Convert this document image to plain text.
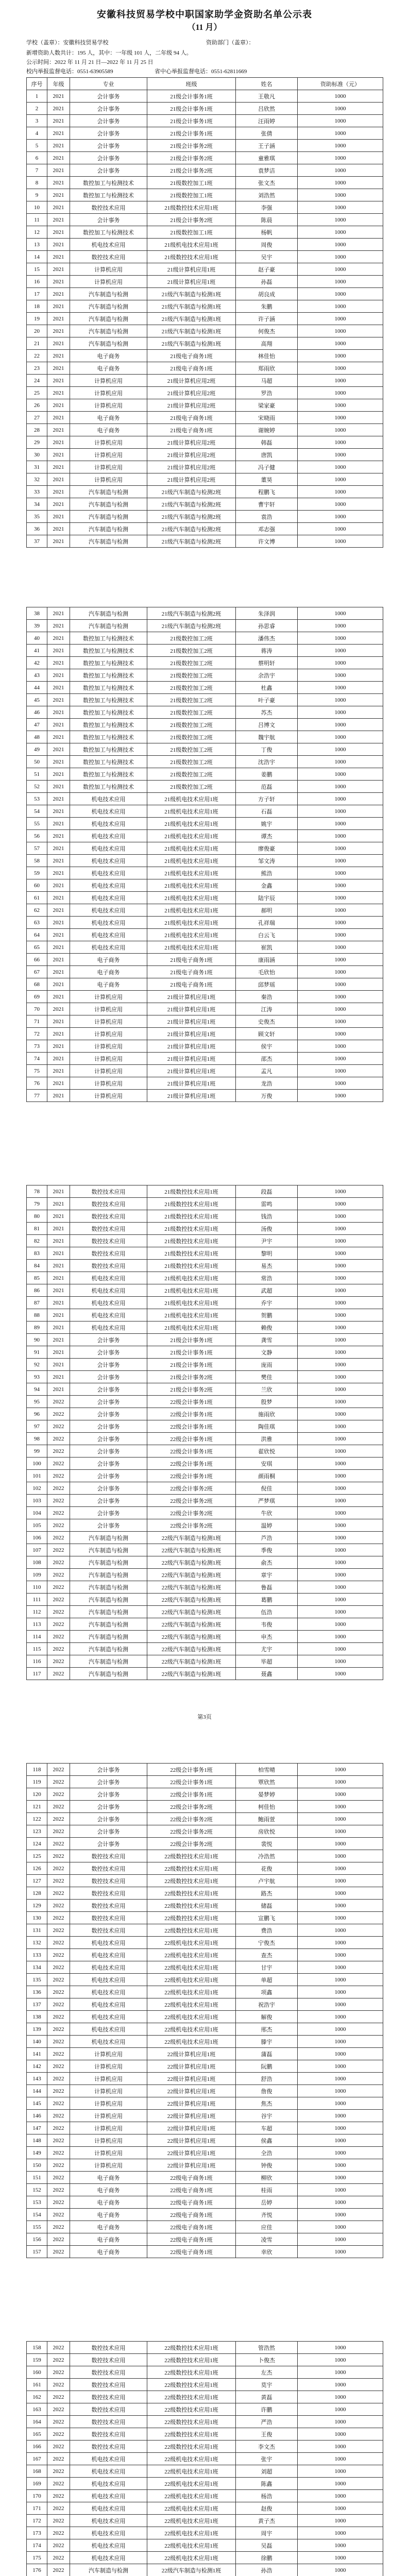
安徽科技贸易学校中职国家助学金资助名单公示表
（11 月）
学校（盖章）：安徽科技贸易学校	资助部门（盖章）：
新增资助人数共计：195 人，其中：一年级 101 人，二年级 94 人。
公示时间：2022 年 11 月 21 日—2022 年 11 月 25 日
校内举报监督电话：0551-63905589	省中心举报监督电话：0551-62811669
序号	年级	专业	班级	姓名	资助标准（元）
1	2021	会计事务	21级会计事务1班	王敬凡	1000
2	2021	会计事务	21级会计事务1班	吕欣然	1000
3	2021	会计事务	21级会计事务1班	汪雨婷	1000
4	2021	会计事务	21级会计事务1班	张倩	1000
5	2021	会计事务	21级会计事务2班	王子涵	1000
6	2021	会计事务	21级会计事务2班	童雅琪	1000
7	2021	会计事务	21级会计事务2班	袁梦洁	1000
8	2021	数控加工与检测技术	21级数控加工1班	张文杰	1000
9	2021	数控加工与检测技术	21级数控加工1班	刘浩然	1000
10	2021	数控技术应用	21级数控技术应用1班	李强	1000
11	2021	会计事务	21级会计事务2班	陈晨	1000
12	2021	数控加工与检测技术	21级数控加工1班	杨帆	1000
13	2021	机电技术应用	21级机电技术应用1班	周俊	1000
14	2021	数控技术应用	21级数控技术应用1班	吴宇	1000
15	2021	计算机应用	21级计算机应用1班	赵子豪	1000
16	2021	计算机应用	21级计算机应用1班	孙磊	1000
17	2021	汽车制造与检测	21级汽车制造与检测1班	胡良成	1000
18	2021	汽车制造与检测	21级汽车制造与检测1班	朱鹏	1000
19	2021	汽车制造与检测	21级汽车制造与检测1班	许子涵	1000
20	2021	汽车制造与检测	21级汽车制造与检测1班	何俊杰	1000
21	2021	汽车制造与检测	21级汽车制造与检测1班	高翔	1000
22	2021	电子商务	21级电子商务1班	林佳怡	1000
23	2021	电子商务	21级电子商务1班	郑雨欣	1000
24	2021	计算机应用	21级计算机应用2班	马超	1000
25	2021	计算机应用	21级计算机应用2班	罗浩	1000
26	2021	计算机应用	21级计算机应用2班	梁家豪	1000
27	2021	电子商务	21级电子商务1班	宋晓雨	1000
28	2021	电子商务	21级电子商务1班	谢婉婷	1000
29	2021	计算机应用	21级计算机应用2班	韩磊	1000
30	2021	计算机应用	21级计算机应用2班	唐凯	1000
31	2021	计算机应用	21级计算机应用2班	冯子健	1000
32	2021	计算机应用	21级计算机应用2班	董昊	1000
33	2021	汽车制造与检测	21级汽车制造与检测2班	程鹏飞	1000
34	2021	汽车制造与检测	21级汽车制造与检测2班	曹宇轩	1000
35	2021	汽车制造与检测	21级汽车制造与检测2班	袁浩	1000
36	2021	汽车制造与检测	21级汽车制造与检测2班	邓志强	1000
37	2021	汽车制造与检测	21级汽车制造与检测2班	许文博	1000
38	2021	汽车制造与检测	21级汽车制造与检测2班	朱泽润	1000
39	2021	汽车制造与检测	21级汽车制造与检测2班	孙思睿	1000
40	2021	数控加工与检测技术	21级数控加工2班	潘伟杰	1000
41	2021	数控加工与检测技术	21级数控加工2班	蒋涛	1000
42	2021	数控加工与检测技术	21级数控加工2班	蔡明轩	1000
43	2021	数控加工与检测技术	21级数控加工2班	余浩宇	1000
44	2021	数控加工与检测技术	21级数控加工2班	杜鑫	1000
45	2021	数控加工与检测技术	21级数控加工2班	叶子豪	1000
46	2021	数控加工与检测技术	21级数控加工2班	苏杰	1000
47	2021	数控加工与检测技术	21级数控加工2班	吕博文	1000
48	2021	数控加工与检测技术	21级数控加工2班	魏宇航	1000
49	2021	数控加工与检测技术	21级数控加工2班	丁俊	1000
50	2021	数控加工与检测技术	21级数控加工2班	沈浩宇	1000
51	2021	数控加工与检测技术	21级数控加工2班	姜鹏	1000
52	2021	数控加工与检测技术	21级数控加工2班	范磊	1000
53	2021	机电技术应用	21级机电技术应用1班	方子轩	1000
54	2021	机电技术应用	21级机电技术应用1班	石磊	1000
55	2021	机电技术应用	21级机电技术应用1班	姚宇	1000
56	2021	机电技术应用	21级机电技术应用1班	谭杰	1000
57	2021	机电技术应用	21级机电技术应用1班	廖俊豪	1000
58	2021	机电技术应用	21级机电技术应用1班	邹文涛	1000
59	2021	机电技术应用	21级机电技术应用1班	熊浩	1000
60	2021	机电技术应用	21级机电技术应用1班	金鑫	1000
61	2021	机电技术应用	21级机电技术应用1班	陆宇辰	1000
62	2021	机电技术应用	21级机电技术应用1班	郝明	1000
63	2021	机电技术应用	21级机电技术应用1班	孔祥瑞	1000
64	2021	机电技术应用	21级机电技术应用1班	白云飞	1000
65	2021	机电技术应用	21级机电技术应用1班	崔凯	1000
66	2021	电子商务	21级电子商务1班	康雨涵	1000
67	2021	电子商务	21级电子商务1班	毛欣怡	1000
68	2021	电子商务	21级电子商务1班	邱梦瑶	1000
69	2021	计算机应用	21级计算机应用1班	秦浩	1000
70	2021	计算机应用	21级计算机应用1班	江涛	1000
71	2021	计算机应用	21级计算机应用1班	史俊杰	1000
72	2021	计算机应用	21级计算机应用1班	顾文轩	1000
73	2021	计算机应用	21级计算机应用1班	侯宇	1000
74	2021	计算机应用	21级计算机应用1班	邵杰	1000
75	2021	计算机应用	21级计算机应用1班	孟凡	1000
76	2021	计算机应用	21级计算机应用1班	龙浩	1000
77	2021	计算机应用	21级计算机应用1班	万俊	1000
78	2021	数控技术应用	21级数控技术应用1班	段磊	1000
79	2021	数控技术应用	21级数控技术应用1班	雷鸣	1000
80	2021	数控技术应用	21级数控技术应用1班	钱浩	1000
81	2021	数控技术应用	21级数控技术应用1班	汤俊	1000
82	2021	数控技术应用	21级数控技术应用1班	尹宇	1000
83	2021	数控技术应用	21级数控技术应用1班	黎明	1000
84	2021	数控技术应用	21级数控技术应用1班	易杰	1000
85	2021	机电技术应用	21级机电技术应用1班	常浩	1000
86	2021	机电技术应用	21级机电技术应用1班	武超	1000
87	2021	机电技术应用	21级机电技术应用1班	乔宇	1000
88	2021	机电技术应用	21级机电技术应用1班	贺鹏	1000
89	2021	机电技术应用	21级机电技术应用1班	赖俊	1000
90	2021	会计事务	21级会计事务1班	龚雪	1000
91	2021	会计事务	21级会计事务1班	文静	1000
92	2021	会计事务	21级会计事务1班	庞雨	1000
93	2021	会计事务	21级会计事务2班	樊佳	1000
94	2021	会计事务	21级会计事务2班	兰欣	1000
95	2022	会计事务	22级会计事务1班	殷梦	1000
96	2022	会计事务	22级会计事务1班	施雨欣	1000
97	2022	会计事务	22级会计事务1班	陶佳琪	1000
98	2022	会计事务	22级会计事务1班	洪雅	1000
99	2022	会计事务	22级会计事务1班	翟欣悦	1000
100	2022	会计事务	22级会计事务1班	安琪	1000
101	2022	会计事务	22级会计事务1班	颜雨桐	1000
102	2022	会计事务	22级会计事务2班	倪佳	1000
103	2022	会计事务	22级会计事务2班	严梦琪	1000
104	2022	会计事务	22级会计事务2班	牛欣	1000
105	2022	会计事务	22级会计事务2班	温婷	1000
106	2022	汽车制造与检测	22级汽车制造与检测1班	芦浩	1000
107	2022	汽车制造与检测	22级汽车制造与检测1班	季俊	1000
108	2022	汽车制造与检测	22级汽车制造与检测1班	俞杰	1000
109	2022	汽车制造与检测	22级汽车制造与检测1班	章宇	1000
110	2022	汽车制造与检测	22级汽车制造与检测1班	鲁磊	1000
111	2022	汽车制造与检测	22级汽车制造与检测1班	葛鹏	1000
112	2022	汽车制造与检测	22级汽车制造与检测1班	伍浩	1000
113	2022	汽车制造与检测	22级汽车制造与检测1班	韦俊	1000
114	2022	汽车制造与检测	22级汽车制造与检测1班	申杰	1000
115	2022	汽车制造与检测	22级汽车制造与检测1班	尤宇	1000
116	2022	汽车制造与检测	22级汽车制造与检测1班	毕超	1000
117	2022	汽车制造与检测	22级汽车制造与检测1班	聂鑫	1000
第3页
118	2022	会计事务	22级会计事务1班	柏雪晴	1000
119	2022	会计事务	22级会计事务1班	覃欣然	1000
120	2022	会计事务	22级会计事务1班	晏梦婷	1000
121	2022	会计事务	22级会计事务2班	柯佳怡	1000
122	2022	会计事务	22级会计事务2班	鲍雨萱	1000
123	2022	会计事务	22级会计事务2班	房欣悦	1000
124	2022	会计事务	22级会计事务2班	裴悦	1000
125	2022	数控技术应用	22级数控技术应用1班	冷浩然	1000
126	2022	数控技术应用	22级数控技术应用1班	花俊	1000
127	2022	数控技术应用	22级数控技术应用1班	卢宇航	1000
128	2022	数控技术应用	22级数控技术应用1班	路杰	1000
129	2022	数控技术应用	22级数控技术应用1班	储磊	1000
130	2022	数控技术应用	22级数控技术应用1班	宣鹏飞	1000
131	2022	数控技术应用	22级数控技术应用1班	费浩	1000
132	2022	机电技术应用	22级机电技术应用1班	宁俊杰	1000
133	2022	机电技术应用	22级机电技术应用1班	查杰	1000
134	2022	机电技术应用	22级机电技术应用1班	甘宇	1000
135	2022	机电技术应用	22级机电技术应用1班	单超	1000
136	2022	机电技术应用	22级机电技术应用1班	项鑫	1000
137	2022	机电技术应用	22级机电技术应用1班	祝浩宇	1000
138	2022	机电技术应用	22级机电技术应用1班	解俊	1000
139	2022	机电技术应用	22级机电技术应用1班	邢杰	1000
140	2022	机电技术应用	22级机电技术应用1班	滕宇	1000
141	2022	计算机应用	22级计算机应用1班	蒲磊	1000
142	2022	计算机应用	22级计算机应用1班	阮鹏	1000
143	2022	计算机应用	22级计算机应用1班	舒浩	1000
144	2022	计算机应用	22级计算机应用1班	詹俊	1000
145	2022	计算机应用	22级计算机应用1班	焦杰	1000
146	2022	计算机应用	22级计算机应用1班	谷宇	1000
147	2022	计算机应用	22级计算机应用1班	车超	1000
148	2022	计算机应用	22级计算机应用1班	侯鑫	1000
149	2022	计算机应用	22级计算机应用1班	全浩	1000
150	2022	计算机应用	22级计算机应用1班	钟俊	1000
151	2022	电子商务	22级电子商务1班	柳欣	1000
152	2022	电子商务	22级电子商务1班	桂雨	1000
153	2022	电子商务	22级电子商务1班	岳婷	1000
154	2022	电子商务	22级电子商务1班	齐悦	1000
155	2022	电子商务	22级电子商务1班	应佳	1000
156	2022	电子商务	22级电子商务1班	凌雪	1000
157	2022	电子商务	22级电子商务1班	幸欣	1000
158	2022	数控技术应用	22级数控技术应用1班	管浩然	1000
159	2022	数控技术应用	22级数控技术应用1班	卜俊杰	1000
160	2022	数控技术应用	22级数控技术应用1班	左杰	1000
161	2022	数控技术应用	22级数控技术应用1班	莫宇	1000
162	2022	数控技术应用	22级数控技术应用1班	黄磊	1000
163	2022	数控技术应用	22级数控技术应用1班	许鹏	1000
164	2022	数控技术应用	22级数控技术应用1班	严浩	1000
165	2022	数控技术应用	22级数控技术应用1班	王俊	1000
166	2022	数控技术应用	22级数控技术应用1班	李文杰	1000
167	2022	机电技术应用	22级机电技术应用1班	张宇	1000
168	2022	机电技术应用	22级机电技术应用1班	刘超	1000
169	2022	机电技术应用	22级机电技术应用1班	陈鑫	1000
170	2022	机电技术应用	22级机电技术应用1班	杨浩	1000
171	2022	机电技术应用	22级机电技术应用1班	赵俊	1000
172	2022	机电技术应用	22级机电技术应用1班	黄子杰	1000
173	2022	机电技术应用	22级机电技术应用1班	周宇	1000
174	2022	机电技术应用	22级机电技术应用1班	吴磊	1000
175	2022	机电技术应用	22级机电技术应用1班	徐鹏	1000
176	2022	汽车制造与检测	22级汽车制造与检测1班	孙浩	1000
